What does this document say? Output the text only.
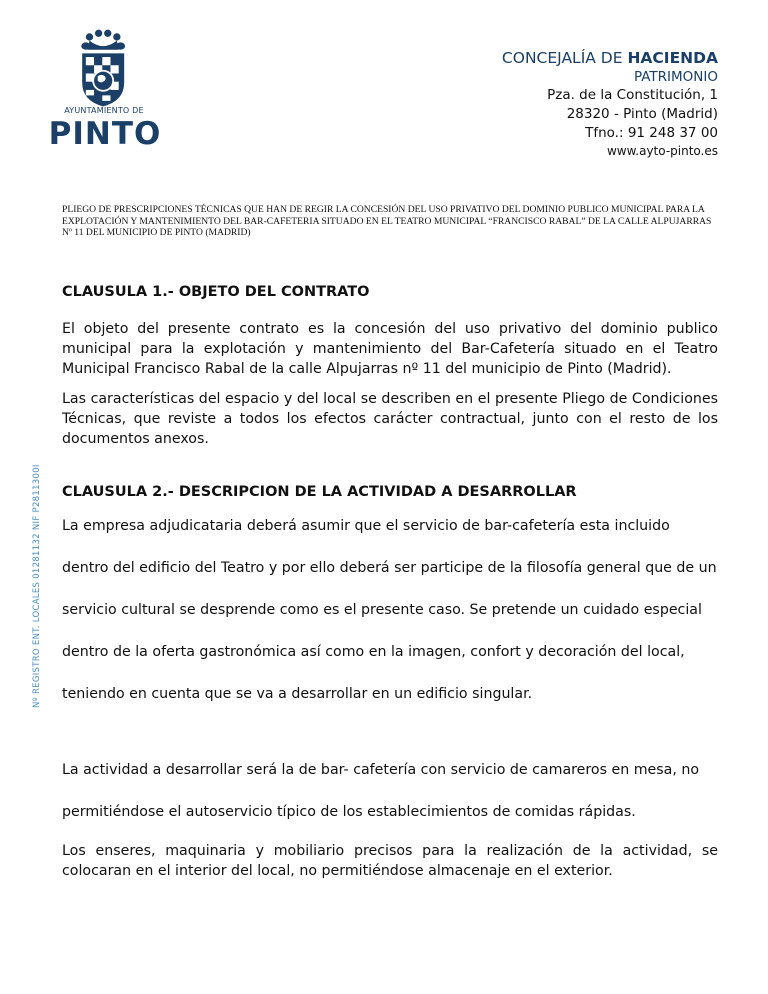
AYUNTAMIENTO DE
PINTO
CONCEJALÍA DE HACIENDA
PATRIMONIO
Pza. de la Constitución, 1
28320 - Pinto (Madrid)
Tfno.: 91 248 37 00
www.ayto-pinto.es
PLIEGO DE PRESCRIPCIONES TÉCNICAS QUE HAN DE REGIR LA CONCESIÓN DEL USO PRIVATIVO DEL DOMINIO PUBLICO MUNICIPAL PARA LA EXPLOTACIÓN Y MANTENIMIENTO DEL BAR-CAFETERIA SITUADO EN EL TEATRO MUNICIPAL “FRANCISCO RABAL” DE LA CALLE ALPUJARRAS Nº 11 DEL MUNICIPIO DE PINTO (MADRID)
CLAUSULA 1.- OBJETO DEL CONTRATO
El objeto del presente contrato es la concesión del uso privativo del dominio publico municipal para la explotación y mantenimiento del Bar-Cafetería situado en el Teatro Municipal Francisco Rabal de la calle Alpujarras nº 11 del municipio de Pinto (Madrid).
Las características del espacio y del local se describen en el presente Pliego de Condiciones Técnicas, que reviste a todos los efectos carácter contractual, junto con el resto de los documentos anexos.
CLAUSULA 2.- DESCRIPCION DE LA ACTIVIDAD A DESARROLLAR
La empresa adjudicataria deberá asumir que el servicio de bar-cafetería esta incluido dentro del edificio del Teatro y por ello deberá ser participe de la filosofía general que de un servicio cultural se desprende como es el presente caso. Se pretende un cuidado especial dentro de la oferta gastronómica así como en la imagen, confort y decoración del local, teniendo en cuenta que se va a desarrollar en un edificio singular.
La actividad a desarrollar será la de bar- cafetería con servicio de camareros en mesa, no permitiéndose el autoservicio típico de los establecimientos de comidas rápidas.
Los enseres, maquinaria y mobiliario precisos para la realización de la actividad, se colocaran en el interior del local, no permitiéndose almacenaje en el exterior.
Nº REGISTRO ENT. LOCALES 01281132 NIF P2811300I
